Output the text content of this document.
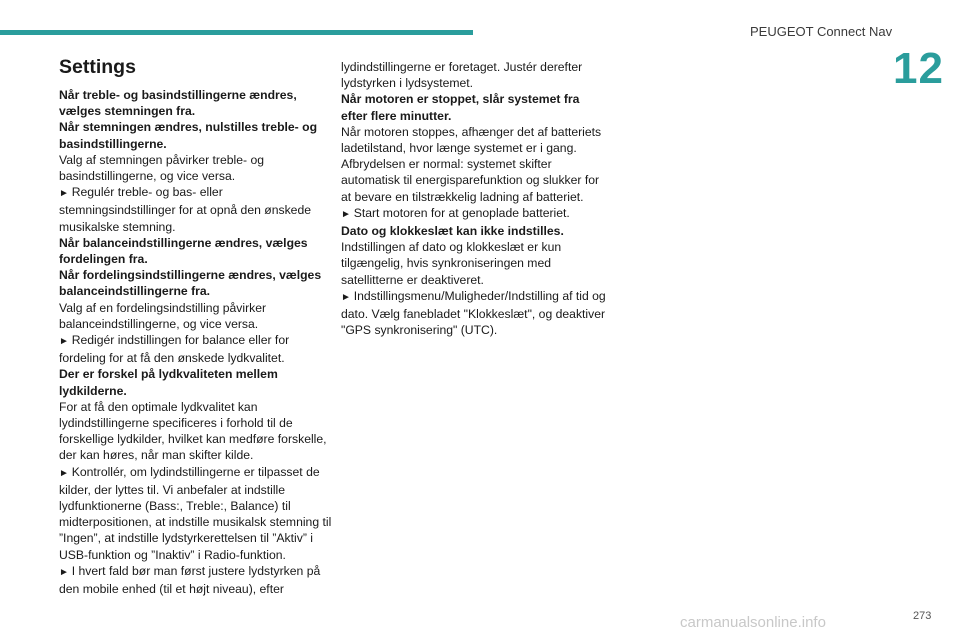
PEUGEOT Connect Nav
12
Settings

Når treble- og basindstillingerne ændres, vælges stemningen fra.

Når stemningen ændres, nulstilles treble- og basindstillingerne.

Valg af stemningen påvirker treble- og basindstillingerne, og vice versa.

► Regulér treble- og bas- eller stemningsindstillinger for at opnå den ønskede musikalske stemning.

Når balanceindstillingerne ændres, vælges fordelingen fra.

Når fordelingsindstillingerne ændres, vælges balanceindstillingerne fra.

Valg af en fordelingsindstilling påvirker balanceindstillingerne, og vice versa.

► Redigér indstillingen for balance eller for fordeling for at få den ønskede lydkvalitet.

Der er forskel på lydkvaliteten mellem lydkilderne.

For at få den optimale lydkvalitet kan lydindstillingerne specificeres i forhold til de forskellige lydkilder, hvilket kan medføre forskelle, der kan høres, når man skifter kilde.

► Kontrollér, om lydindstillingerne er tilpasset de kilder, der lyttes til. Vi anbefaler at indstille lydfunktionerne (Bass:, Treble:, Balance) til midterpositionen, at indstille musikalsk stemning til ”Ingen”, at indstille lydstyrkerettelsen til ”Aktiv” i USB-funktion og ”Inaktiv” i Radio-funktion.

► I hvert fald bør man først justere lydstyrken på den mobile enhed (til et højt niveau), efter

lydindstillingerne er foretaget. Justér derefter lydstyrken i lydsystemet.

Når motoren er stoppet, slår systemet fra efter flere minutter.

Når motoren stoppes, afhænger det af batteriets ladetilstand, hvor længe systemet er i gang.

Afbrydelsen er normal: systemet skifter automatisk til energisparefunktion og slukker for at bevare en tilstrækkelig ladning af batteriet.

► Start motoren for at genoplade batteriet.

Dato og klokkeslæt kan ikke indstilles.

Indstillingen af dato og klokkeslæt er kun tilgængelig, hvis synkroniseringen med satellitterne er deaktiveret.

► Indstillingsmenu/Muligheder/Indstilling af tid og dato. Vælg fanebladet "Klokkeslæt", og deaktiver "GPS synkronisering" (UTC).

carmanualsonline.info	273
